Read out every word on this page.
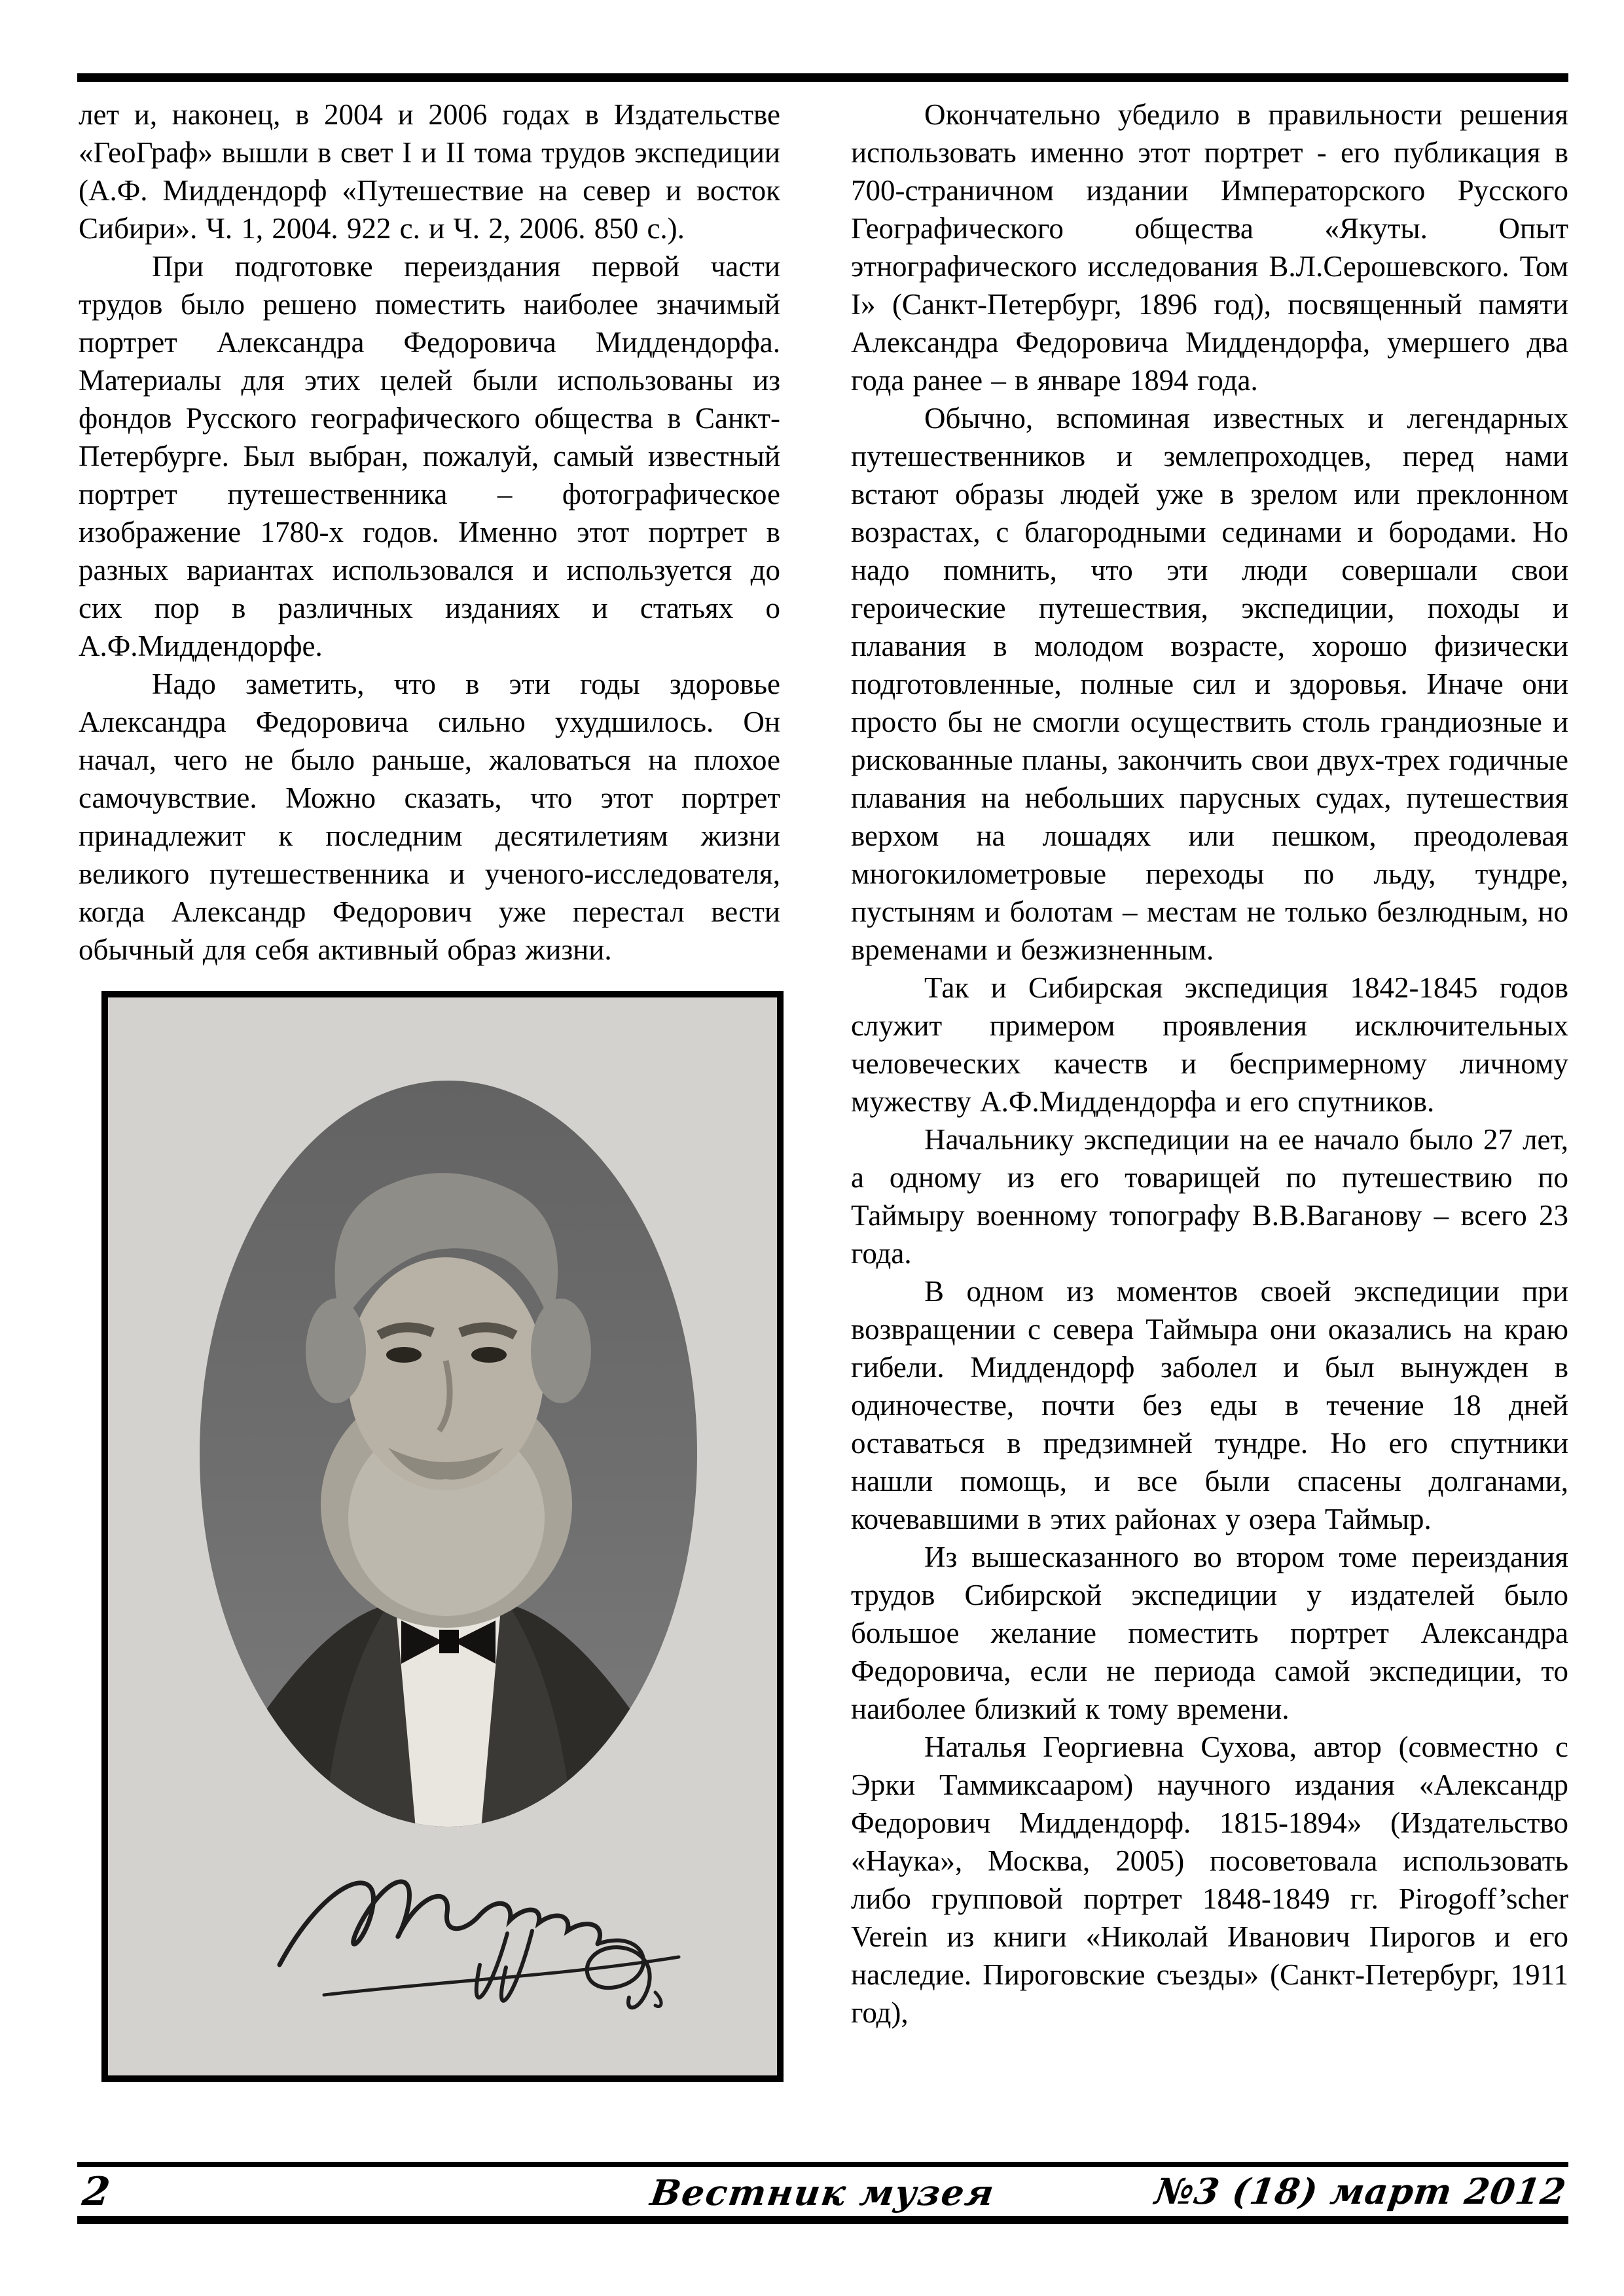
лет и, наконец, в 2004 и 2006 годах в Издательстве «ГеоГраф» вышли в свет I и II тома трудов экспедиции (А.Ф. Миддендорф «Путешествие на север и восток Сибири». Ч. 1, 2004. 922 с. и Ч. 2, 2006. 850 с.).

При подготовке переиздания первой части трудов было решено поместить наиболее значимый портрет Александра Федоровича Миддендорфа. Материалы для этих целей были использованы из фондов Русского географического общества в Санкт-Петербурге. Был выбран, пожалуй, самый известный портрет путешественника – фотографическое изображение 1780-х годов. Именно этот портрет в разных вариантах использовался и используется до сих пор в различных изданиях и статьях о А.Ф.Миддендорфе.

Надо заметить, что в эти годы здоровье Александра Федоровича сильно ухудшилось. Он начал, чего не было раньше, жаловаться на плохое самочувствие. Можно сказать, что этот портрет принадлежит к последним десятилетиям жизни великого путешественника и ученого-исследователя, когда Александр Федорович уже перестал вести обычный для себя активный образ жизни.

Окончательно убедило в правильности решения использовать именно этот портрет - его публикация в 700-страничном издании Императорского Русского Географического общества «Якуты. Опыт этнографического исследования В.Л.Серошевского. Том I» (Санкт-Петербург, 1896 год), посвященный памяти Александра Федоровича Миддендорфа, умершего два года ранее – в январе 1894 года.

Обычно, вспоминая известных и легендарных путешественников и землепроходцев, перед нами встают образы людей уже в зрелом или преклонном возрастах, с благородными сединами и бородами. Но надо помнить, что эти люди совершали свои героические путешествия, экспедиции, походы и плавания в молодом возрасте, хорошо физически подготовленные, полные сил и здоровья. Иначе они просто бы не смогли осуществить столь грандиозные и рискованные планы, закончить свои двух-трех годичные плавания на небольших парусных судах, путешествия верхом на лошадях или пешком, преодолевая многокилометровые переходы по льду, тундре, пустыням и болотам – местам не только безлюдным, но временами и безжизненным.

Так и Сибирская экспедиция 1842-1845 годов служит примером проявления исключительных человеческих качеств и беспримерному личному мужеству А.Ф.Миддендорфа и его спутников.

Начальнику экспедиции на ее начало было 27 лет, а одному из его товарищей по путешествию по Таймыру военному топографу В.В.Ваганову – всего 23 года.

В одном из моментов своей экспедиции при возвращении с севера Таймыра они оказались на краю гибели. Миддендорф заболел и был вынужден в одиночестве, почти без еды в течение 18 дней оставаться в предзимней тундре. Но его спутники нашли помощь, и все были спасены долганами, кочевавшими в этих районах у озера Таймыр.

Из вышесказанного во втором томе переиздания трудов Сибирской экспедиции у издателей было большое желание поместить портрет Александра Федоровича, если не периода самой экспедиции, то наиболее близкий к тому времени.

Наталья Георгиевна Сухова, автор (совместно с Эрки Таммиксааром) научного издания «Александр Федорович Миддендорф. 1815-1894» (Издательство «Наука», Москва, 2005) посоветовала использовать либо групповой портрет 1848-1849 гг. Pirogoff’scher Verein из книги «Николай Иванович Пирогов и его наследие. Пироговские съезды» (Санкт-Петербург, 1911 год),

2	Вестник музея	№3 (18) март 2012
